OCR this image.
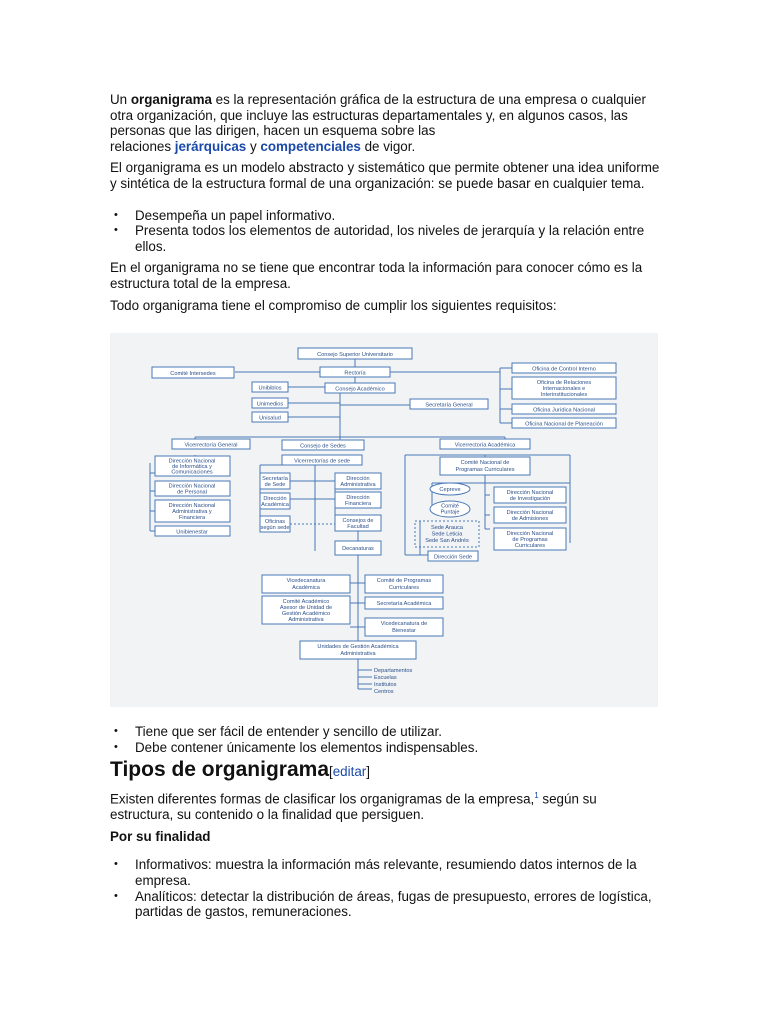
Un organigrama es la representación gráfica de la estructura de una empresa o cualquier otra organización, que incluye las estructuras departamentales y, en algunos casos, las personas que las dirigen, hacen un esquema sobre las
relaciones jerárquicas y competenciales de vigor.

El organigrama es un modelo abstracto y sistemático que permite obtener una idea uniforme y sintética de la estructura formal de una organización: se puede basar en cualquier tema.

• Desempeña un papel informativo.
• Presenta todos los elementos de autoridad, los niveles de jerarquía y la relación entre ellos.

En el organigrama no se tiene que encontrar toda la información para conocer cómo es la estructura total de la empresa.

Todo organigrama tiene el compromiso de cumplir los siguientes requisitos:

Consejo Superior Universitario
Comité Intersedes	Rectoría
Consejo Académico
Unibiblos
Unimedios
Unisalud
Secretaría General
Oficina de Control Interno
Oficina de Relaciones
Internacionales e
Interinstitucionales
Oficina Jurídica Nacional
Oficina Nacional de Planeación
Vicerrectoría General	Consejo de Sedes	Vicerrectoría Académica
Vicerrectorías de sede
Dirección Nacional
de Informática y
Comunicaciones
Dirección Nacional
de Personal
Dirección Nacional
Administrativa y
Financiera
Unibienestar
Secretaría
de Sede
Dirección
Administrativa
Dirección
Académica
Dirección
Financiera
Oficinas
según sede
Consejos de
Facultad
Comité Nacional de
Programas Curriculares
Cepreve
Comité
Puntaje
Dirección Nacional
de Investigación
Dirección Nacional
de Admisiones
Dirección Nacional
de Programas
Curriculares
Sede Arauca
Sede Leticia
Sede San Andrés
Dirección Sede
Decanaturas
Vicedecanatura
Académica
Comité Académico
Asesor de Unidad de
Gestión Académico
Administrativa
Comité de Programas
Curriculares
Secretaría Académica
Vicedecanatura de
Bienestar
Unidades de Gestión Académica
Administrativa
Departamentos
Escuelas
Institutos
Centros
• Tiene que ser fácil de entender y sencillo de utilizar.
• Debe contener únicamente los elementos indispensables.
Tipos de organigrama[editar]

Existen diferentes formas de clasificar los organigramas de la empresa,$^1$ según su estructura, su contenido o la finalidad que persiguen.

Por su finalidad

• Informativos: muestra la información más relevante, resumiendo datos internos de la empresa.
• Analíticos: detectar la distribución de áreas, fugas de presupuesto, errores de logística, partidas de gastos, remuneraciones.
